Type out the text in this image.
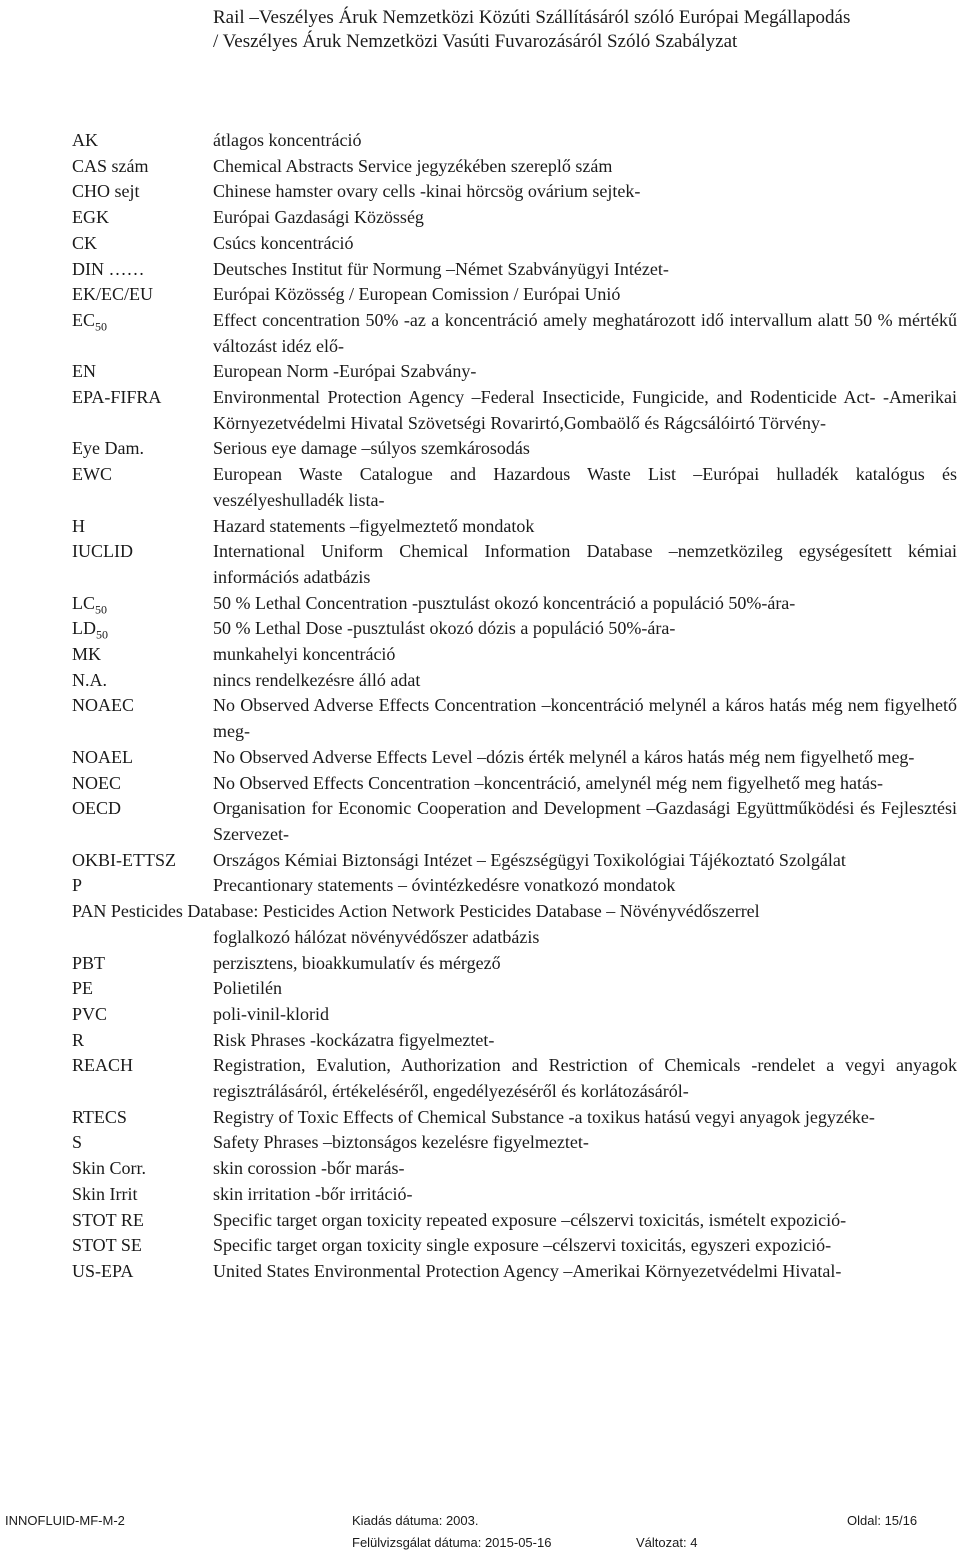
Rail –Veszélyes Áruk Nemzetközi Közúti Szállításáról szóló Európai Megállapodás
/ Veszélyes Áruk Nemzetközi Vasúti Fuvarozásáról Szóló Szabályzat
AK	átlagos koncentráció
CAS szám	Chemical Abstracts Service jegyzékében szereplő szám
CHO sejt	Chinese hamster ovary cells -kinai hörcsög ovárium sejtek-
EGK	Európai Gazdasági Közösség
CK	Csúcs koncentráció
DIN ……	Deutsches Institut für Normung –Német Szabványügyi Intézet-
EK/EC/EU	Európai Közösség / European Comission / Európai Unió
$EC_{50}$	Effect concentration 50% -az a koncentráció amely meghatározott idő intervallum alatt 50 % mértékű változást idéz elő-
EN	European Norm -Európai Szabvány-
EPA-FIFRA	Environmental Protection Agency –Federal Insecticide, Fungicide, and Rodenticide Act- -Amerikai Környezetvédelmi Hivatal Szövetségi Rovarirtó,Gombaölő és Rágcsálóirtó Törvény-
Eye Dam.	Serious eye damage –súlyos szemkárosodás
EWC	European Waste Catalogue and Hazardous Waste List –Európai hulladék katalógus és veszélyeshulladék lista-
H	Hazard statements –figyelmeztető mondatok
IUCLID	International Uniform Chemical Information Database –nemzetközileg egységesített kémiai információs adatbázis
$LC_{50}$	50 % Lethal Concentration -pusztulást okozó koncentráció a populáció 50%-ára-
$LD_{50}$	50 % Lethal Dose -pusztulást okozó dózis a populáció 50%-ára-
MK	munkahelyi koncentráció
N.A.	nincs rendelkezésre álló adat
NOAEC	No Observed Adverse Effects Concentration –koncentráció melynél a káros hatás még nem figyelhető meg-
NOAEL	No Observed Adverse Effects Level –dózis érték melynél a káros hatás még nem figyelhető meg-
NOEC	No Observed Effects Concentration –koncentráció, amelynél még nem figyelhető meg hatás-
OECD	Organisation for Economic Cooperation and Development –Gazdasági Együttműködési és Fejlesztési Szervezet-
OKBI-ETTSZ Országos Kémiai Biztonsági Intézet – Egészségügyi Toxikológiai Tájékoztató Szolgálat
P	Precantionary statements – óvintézkedésre vonatkozó mondatok
PAN Pesticides Database: Pesticides Action Network Pesticides Database – Növényvédőszerrel
foglalkozó hálózat növényvédőszer adatbázis
PBT	perzisztens, bioakkumulatív és mérgező
PE	Polietilén
PVC	poli-vinil-klorid
R	Risk Phrases -kockázatra figyelmeztet-
REACH	Registration, Evalution, Authorization and Restriction of Chemicals -rendelet a vegyi anyagok regisztrálásáról, értékeléséről, engedélyezéséről és korlátozásáról-
RTECS	Registry of Toxic Effects of Chemical Substance -a toxikus hatású vegyi anyagok jegyzéke-
S	Safety Phrases –biztonságos kezelésre figyelmeztet-
Skin Corr.	skin corossion -bőr marás-
Skin Irrit	skin irritation -bőr irritáció-
STOT RE	Specific target organ toxicity repeated exposure –célszervi toxicitás, ismételt expozició-
STOT SE	Specific target organ toxicity single exposure –célszervi toxicitás, egyszeri expozició-
US-EPA	United States Environmental Protection Agency –Amerikai Környezetvédelmi Hivatal-
INNOFLUID-MF-M-2	Kiadás dátuma: 2003.	Oldal: 15/16
Felülvizsgálat dátuma: 2015-05-16	Változat: 4
